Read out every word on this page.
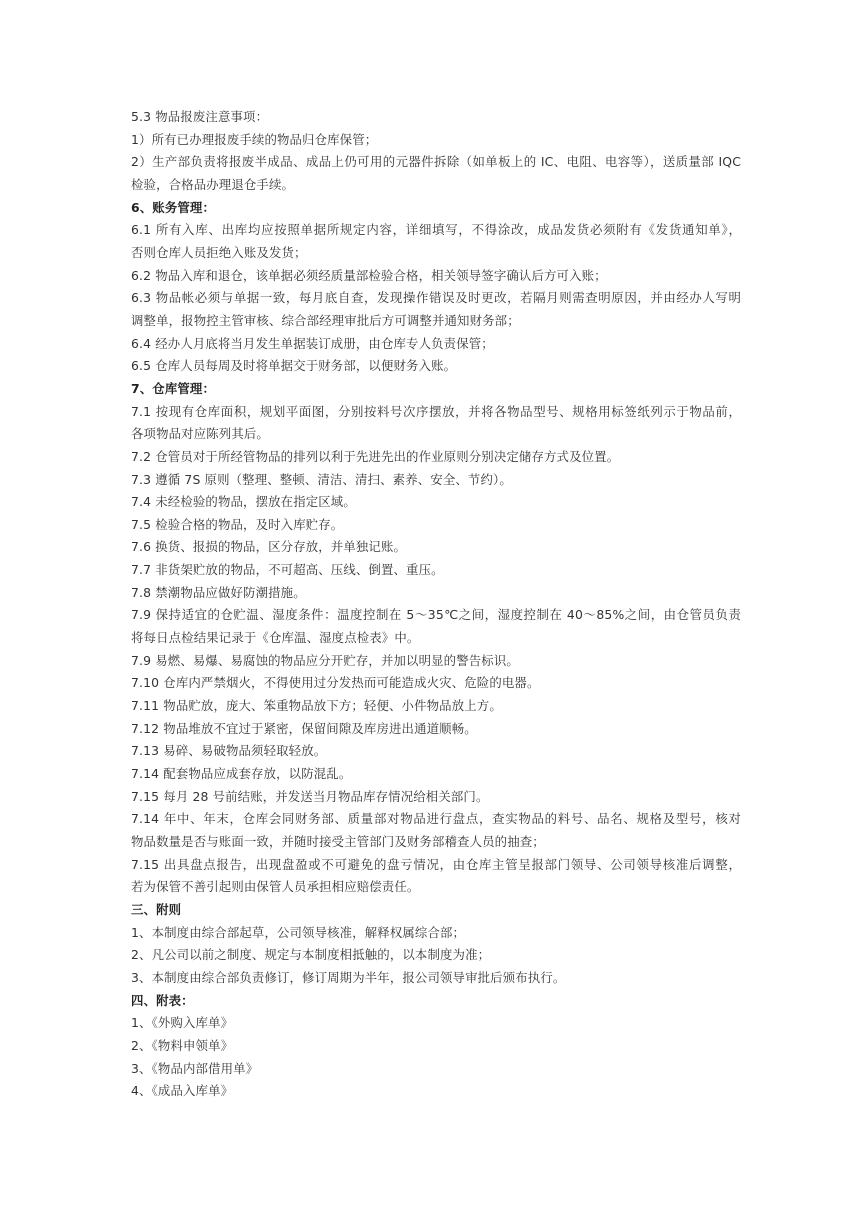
5.3 物品报废注意事项：
1）所有已办理报废手续的物品归仓库保管；
2）生产部负责将报废半成品、成品上仍可用的元器件拆除（如单板上的 IC、电阻、电容等），送质量部 IQC
检验，合格品办理退仓手续。
6、账务管理：
6.1 所有入库、出库均应按照单据所规定内容，详细填写，不得涂改，成品发货必须附有《发货通知单》，
否则仓库人员拒绝入账及发货；
6.2 物品入库和退仓，该单据必须经质量部检验合格，相关领导签字确认后方可入账；
6.3 物品帐必须与单据一致，每月底自查，发现操作错误及时更改，若隔月则需查明原因，并由经办人写明
调整单，报物控主管审核、综合部经理审批后方可调整并通知财务部；
6.4 经办人月底将当月发生单据装订成册，由仓库专人负责保管；
6.5 仓库人员每周及时将单据交于财务部，以便财务入账。
7、仓库管理：
7.1 按现有仓库面积，规划平面图，分别按料号次序摆放，并将各物品型号、规格用标签纸列示于物品前，
各项物品对应陈列其后。
7.2 仓管员对于所经管物品的排列以利于先进先出的作业原则分别决定储存方式及位置。
7.3 遵循 7S 原则（整理、整顿、清洁、清扫、素养、安全、节约）。
7.4 未经检验的物品，摆放在指定区域。
7.5 检验合格的物品，及时入库贮存。
7.6 换货、报损的物品，区分存放，并单独记账。
7.7 非货架贮放的物品，不可超高、压线、倒置、重压。
7.8 禁潮物品应做好防潮措施。
7.9 保持适宜的仓贮温、湿度条件：温度控制在 5～35℃之间，湿度控制在 40～85%之间，由仓管员负责
将每日点检结果记录于《仓库温、湿度点检表》中。
7.9 易燃、易爆、易腐蚀的物品应分开贮存，并加以明显的警告标识。
7.10 仓库内严禁烟火，不得使用过分发热而可能造成火灾、危险的电器。
7.11 物品贮放，庞大、笨重物品放下方；轻便、小件物品放上方。
7.12 物品堆放不宜过于紧密，保留间隙及库房进出通道顺畅。
7.13 易碎、易破物品须轻取轻放。
7.14 配套物品应成套存放，以防混乱。
7.15 每月 28 号前结账，并发送当月物品库存情况给相关部门。
7.14 年中、年末，仓库会同财务部、质量部对物品进行盘点，查实物品的料号、品名、规格及型号，核对
物品数量是否与账面一致，并随时接受主管部门及财务部稽查人员的抽查；
7.15 出具盘点报告，出现盘盈或不可避免的盘亏情况，由仓库主管呈报部门领导、公司领导核准后调整，
若为保管不善引起则由保管人员承担相应赔偿责任。
三、附则
1、本制度由综合部起草，公司领导核准，解释权属综合部；
2、凡公司以前之制度、规定与本制度相抵触的，以本制度为准；
3、本制度由综合部负责修订，修订周期为半年，报公司领导审批后颁布执行。
四、附表：
1、《外购入库单》
2、《物料申领单》
3、《物品内部借用单》
4、《成品入库单》
